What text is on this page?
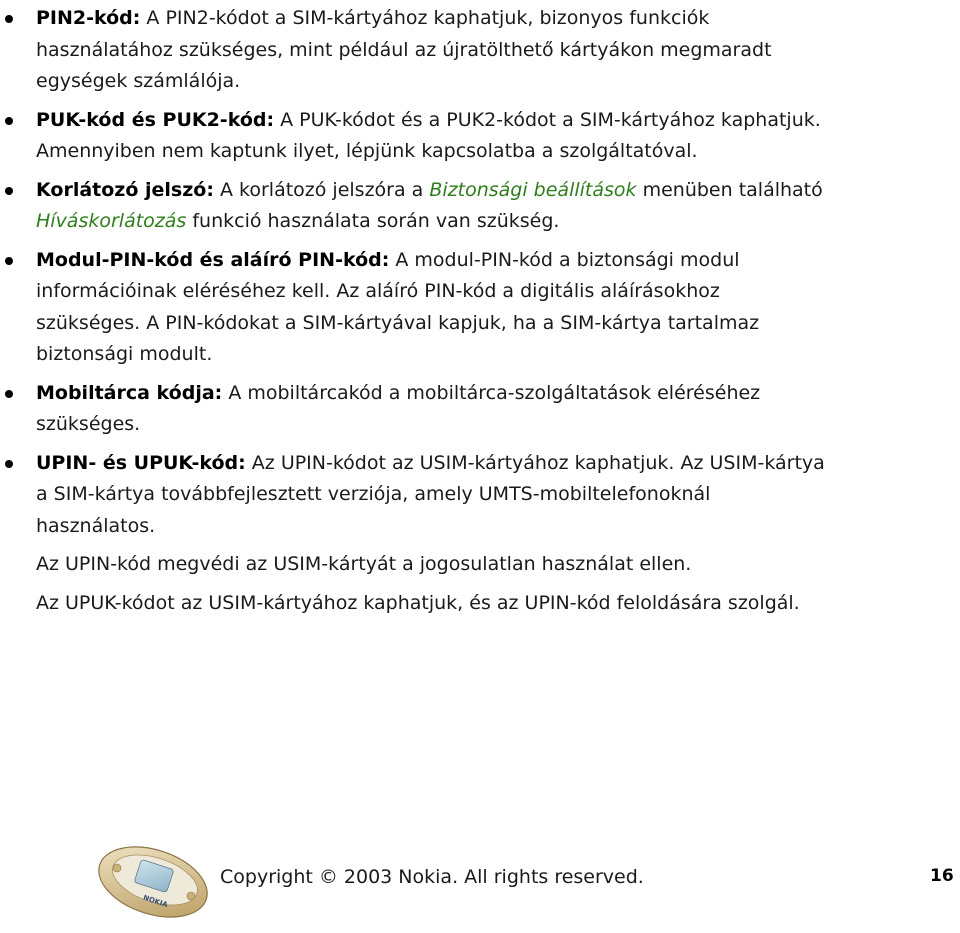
PIN2-kód: A PIN2-kódot a SIM-kártyához kaphatjuk, bizonyos funkciók használatához szükséges, mint például az újratölthető kártyákon megmaradt egységek számlálója.
PUK-kód és PUK2-kód: A PUK-kódot és a PUK2-kódot a SIM-kártyához kaphatjuk. Amennyiben nem kaptunk ilyet, lépjünk kapcsolatba a szolgáltatóval.
Korlátozó jelszó: A korlátozó jelszóra a Biztonsági beállítások menüben található Híváskorlátozás funkció használata során van szükség.
Modul-PIN-kód és aláíró PIN-kód: A modul-PIN-kód a biztonsági modul információinak eléréséhez kell. Az aláíró PIN-kód a digitális aláírásokhoz szükséges. A PIN-kódokat a SIM-kártyával kapjuk, ha a SIM-kártya tartalmaz biztonsági modult.
Mobiltárca kódja: A mobiltárcakód a mobiltárca-szolgáltatások eléréséhez szükséges.
UPIN- és UPUK-kód: Az UPIN-kódot az USIM-kártyához kaphatjuk. Az USIM-kártya a SIM-kártya továbbfejlesztett verziója, amely UMTS-mobiltelefonoknál használatos.

Az UPIN-kód megvédi az USIM-kártyát a jogosulatlan használat ellen.

Az UPUK-kódot az USIM-kártyához kaphatjuk, és az UPIN-kód feloldására szolgál.

NOKIA
Copyright © 2003 Nokia. All rights reserved.	16
